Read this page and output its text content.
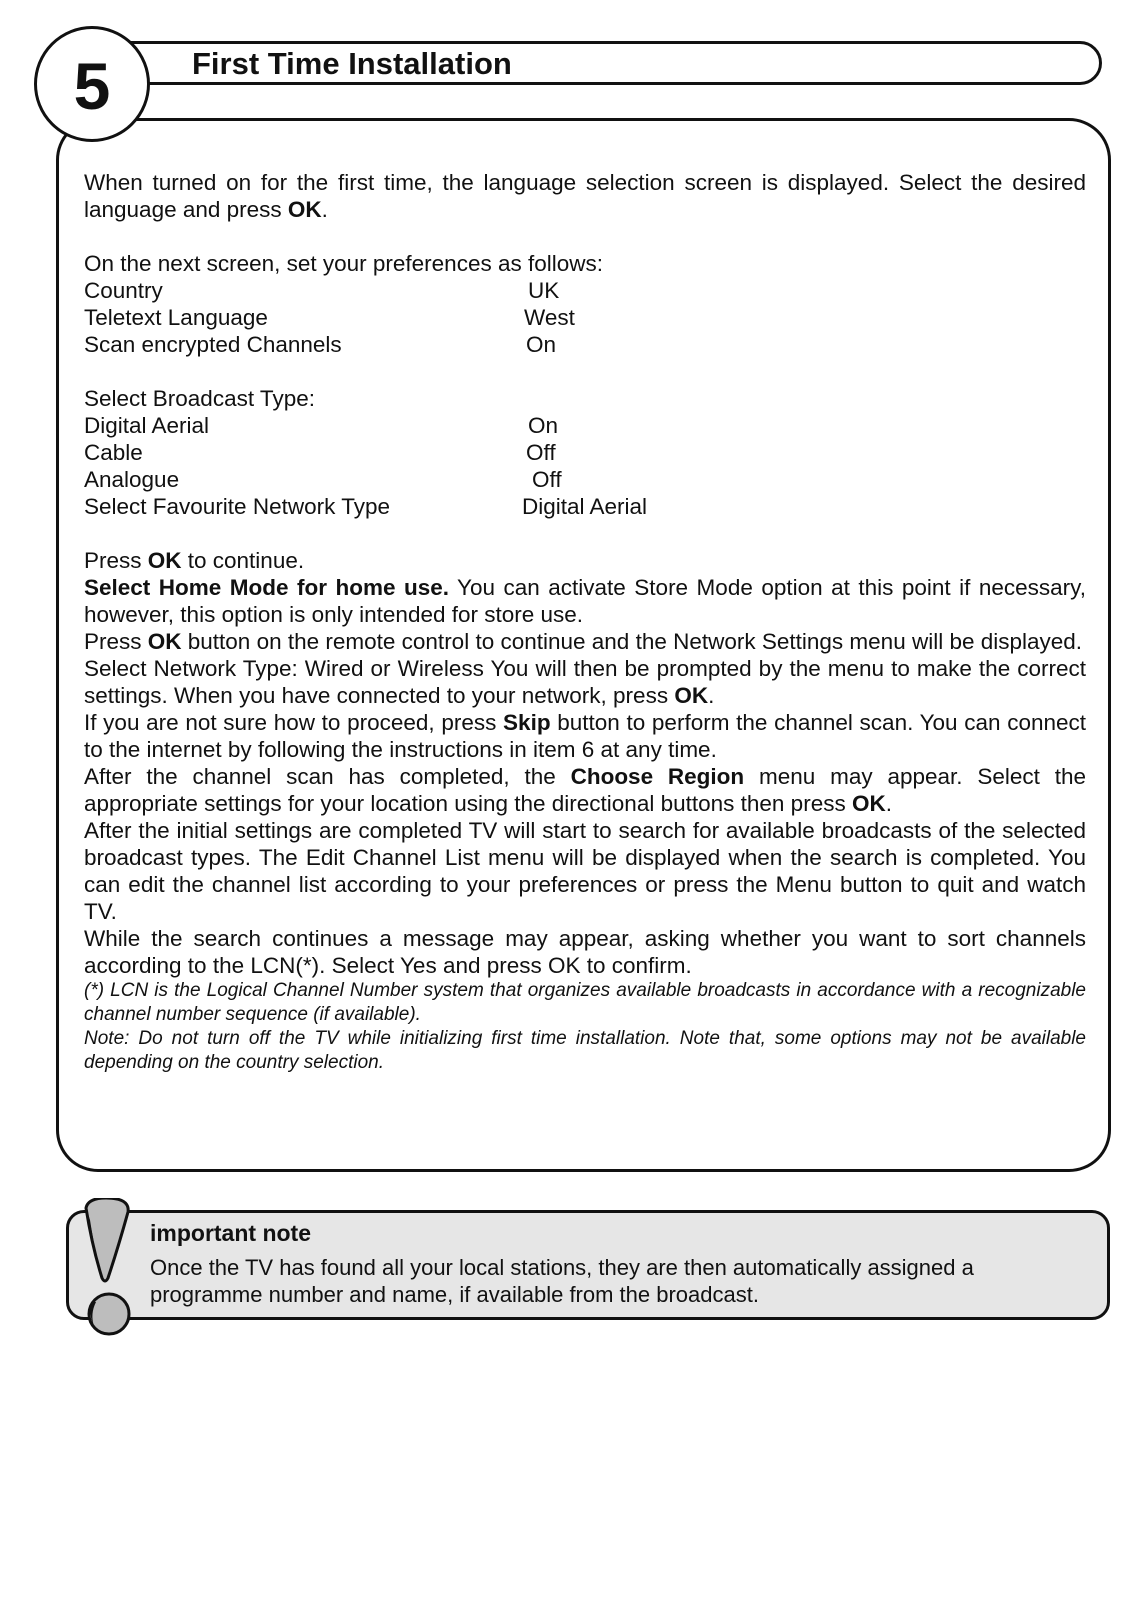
5	First Time Installation

When turned on for the first time, the language selection screen is displayed. Select the desired language and press OK.

On the next screen, set your preferences as follows:

Country	UK
Teletext Language	West
Scan encrypted Channels	On

Select Broadcast Type:

Digital Aerial	On
Cable	Off
Analogue	Off
Select Favourite Network Type	Digital Aerial

Press OK to continue.

Select Home Mode for home use. You can activate Store Mode option at this point if necessary, however, this option is only intended for store use.

Press OK button on the remote control to continue and the Network Settings menu will be displayed.

Select Network Type: Wired or Wireless You will then be prompted by the menu to make the correct settings. When you have connected to your network, press OK.

If you are not sure how to proceed, press Skip button to perform the channel scan. You can connect to the internet by following the instructions in item 6 at any time.

After the channel scan has completed, the Choose Region menu may appear. Select the appropriate settings for your location using the directional buttons then press OK.

After the initial settings are completed TV will start to search for available broadcasts of the selected broadcast types. The Edit Channel List menu will be displayed when the search is completed. You can edit the channel list according to your preferences or press the Menu button to quit and watch TV.

While the search continues a message may appear, asking whether you want to sort channels according to the LCN(*). Select Yes and press OK to confirm.

(*) LCN is the Logical Channel Number system that organizes available broadcasts in accordance with a recognizable channel number sequence (if available).

Note: Do not turn off the TV while initializing first time installation. Note that, some options may not be available depending on the country selection.

important note
Once the TV has found all your local stations, they are then automatically assigned a programme number and name, if available from the broadcast.
